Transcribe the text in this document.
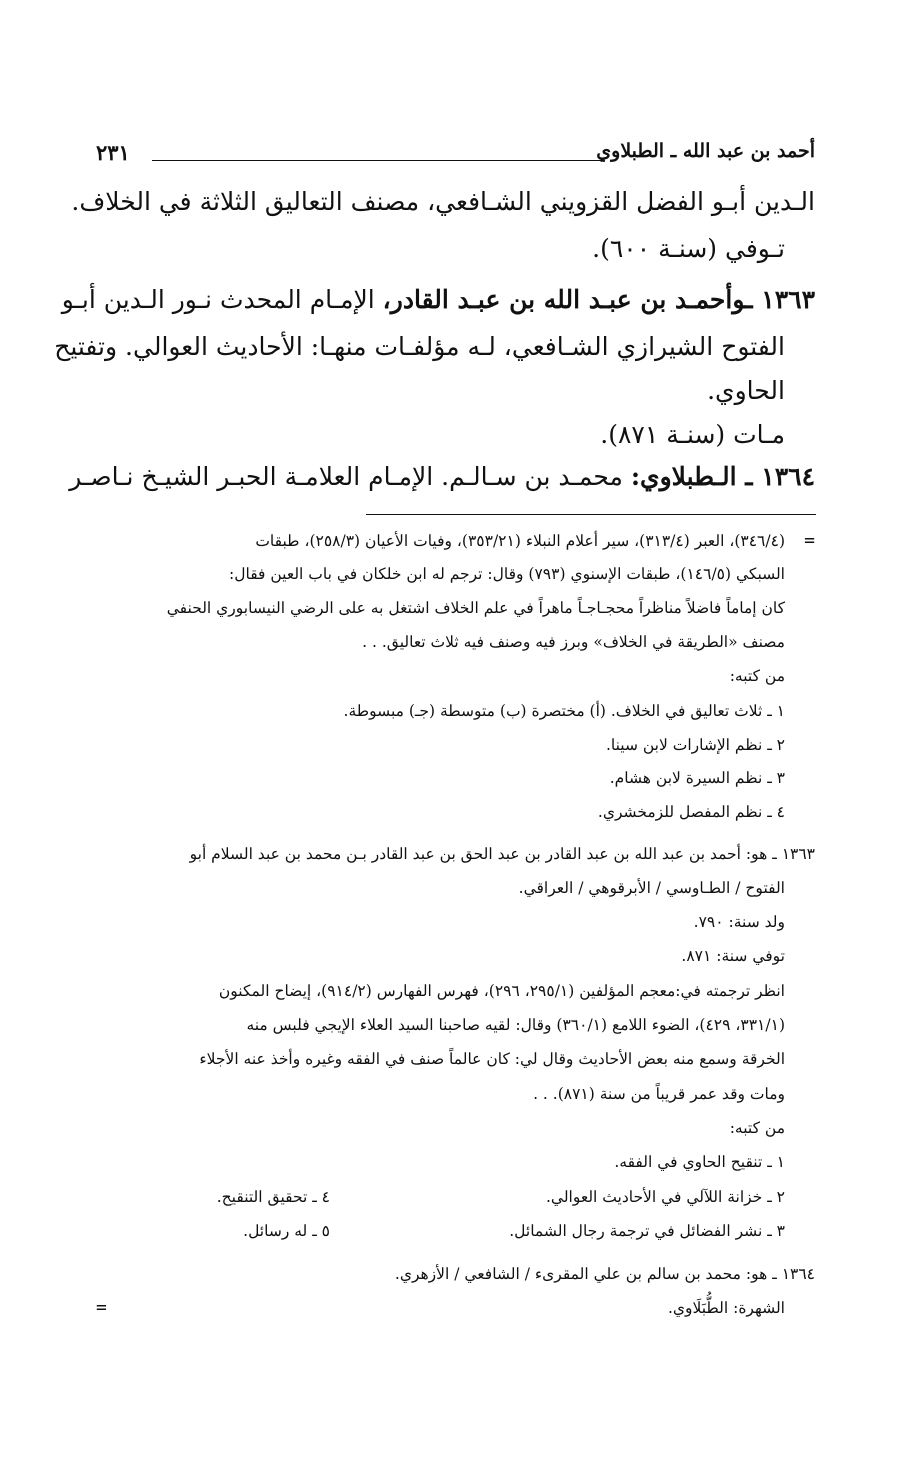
أحمد بن عبد الله ـ الطبلاوي
٢٣١
الـدين أبـو الفضل القزويني الشـافعي، مصنف التعاليق الثلاثة في الخلاف.
تـوفي (سنـة ٦٠٠).
١٣٦٣ ـوأحمـد بن عبـد الله بن عبـد القادر، الإمـام المحدث نـور الـدين أبـو
الفتوح الشيرازي الشـافعي، لـه مؤلفـات منهـا: الأحاديث العوالي. وتفتيح
الحاوي.
مـات (سنـة ٨٧١).
١٣٦٤ ـ الـطبلاوي: محمـد بن سـالـم. الإمـام العلامـة الحبـر الشيـخ نـاصـر
=
(٣٤٦/٤)، العبر (٣١٣/٤)، سير أعلام النبلاء (٣٥٣/٢١)، وفيات الأعيان (٢٥٨/٣)، طبقات
السبكي (١٤٦/٥)، طبقات الإسنوي (٧٩٣) وقال: ترجم له ابن خلكان في باب العين فقال:
كان إماماً فاضلاً مناظراً محجـاجـاً ماهراً في علم الخلاف اشتغل به على الرضي النيسابوري الحنفي
مصنف «الطريقة في الخلاف» وبرز فيه وصنف فيه ثلاث تعاليق. . .
من كتبه:
١ ـ ثلاث تعاليق في الخلاف. (أ) مختصرة (ب) متوسطة (جـ) مبسوطة.
٢ ـ نظم الإشارات لابن سينا.
٣ ـ نظم السيرة لابن هشام.
٤ ـ نظم المفصل للزمخشري.
١٣٦٣ ـ هو: أحمد بن عبد الله بن عبد القادر بن عبد الحق بن عبد القادر بـن محمد بن عبد السلام أبو
الفتوح / الطـاوسي / الأبرقوهي / العراقي.
ولد سنة: ٧٩٠.
توفي سنة: ٨٧١.
انظر ترجمته في:معجم المؤلفين (٢٩٥/١، ٢٩٦)، فهرس الفهارس (٩١٤/٢)، إيضاح المكنون
(٣٣١/١، ٤٢٩)، الضوء اللامع (٣٦٠/١) وقال: لقيه صاحبنا السيد العلاء الإيجي فلبس منه
الخرقة وسمع منه بعض الأحاديث وقال لي: كان عالماً صنف في الفقه وغيره وأخذ عنه الأجلاء
ومات وقد عمر قريباً من سنة (٨٧١). . .
من كتبه:
١ ـ تنقيح الحاوي في الفقه.
٢ ـ خزانة اللآلي في الأحاديث العوالي.
٤ ـ تحقيق التنقيح.
٣ ـ نشر الفضائل في ترجمة رجال الشمائل.
٥ ـ له رسائل.
١٣٦٤ ـ هو: محمد بن سالم بن علي المقرىء / الشافعي / الأزهري.
الشهرة: الطُّبَلَاوي.
=
